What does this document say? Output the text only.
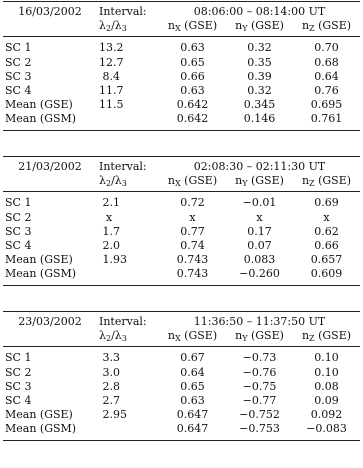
16/03/2002	Interval:	08:06:00 – 08:14:00 UT		
	$\lambda_2/\lambda_3$	$n_X$ (GSE)	$n_Y$ (GSE)	$n_Z$ (GSE)
SC 1	13.2	0.63	0.32	0.70
SC 2	12.7	0.65	0.35	0.68
SC 3	8.4	0.66	0.39	0.64
SC 4	11.7	0.63	0.32	0.76
Mean (GSE)	11.5	0.642	0.345	0.695
Mean (GSM)		0.642	0.146	0.761
21/03/2002	Interval:	02:08:30 – 02:11:30 UT		
	$\lambda_2/\lambda_3$	$n_X$ (GSE)	$n_Y$ (GSE)	$n_Z$ (GSE)
SC 1	2.1	0.72	−0.01	0.69
SC 2	x	x	x	x
SC 3	1.7	0.77	0.17	0.62
SC 4	2.0	0.74	0.07	0.66
Mean (GSE)	1.93	0.743	0.083	0.657
Mean (GSM)		0.743	−0.260	0.609
23/03/2002	Interval:	11:36:50 – 11:37:50 UT		
	$\lambda_2/\lambda_3$	$n_X$ (GSE)	$n_Y$ (GSE)	$n_Z$ (GSE)
SC 1	3.3	0.67	−0.73	0.10
SC 2	3.0	0.64	−0.76	0.10
SC 3	2.8	0.65	−0.75	0.08
SC 4	2.7	0.63	−0.77	0.09
Mean (GSE)	2.95	0.647	−0.752	0.092
Mean (GSM)		0.647	−0.753	−0.083
